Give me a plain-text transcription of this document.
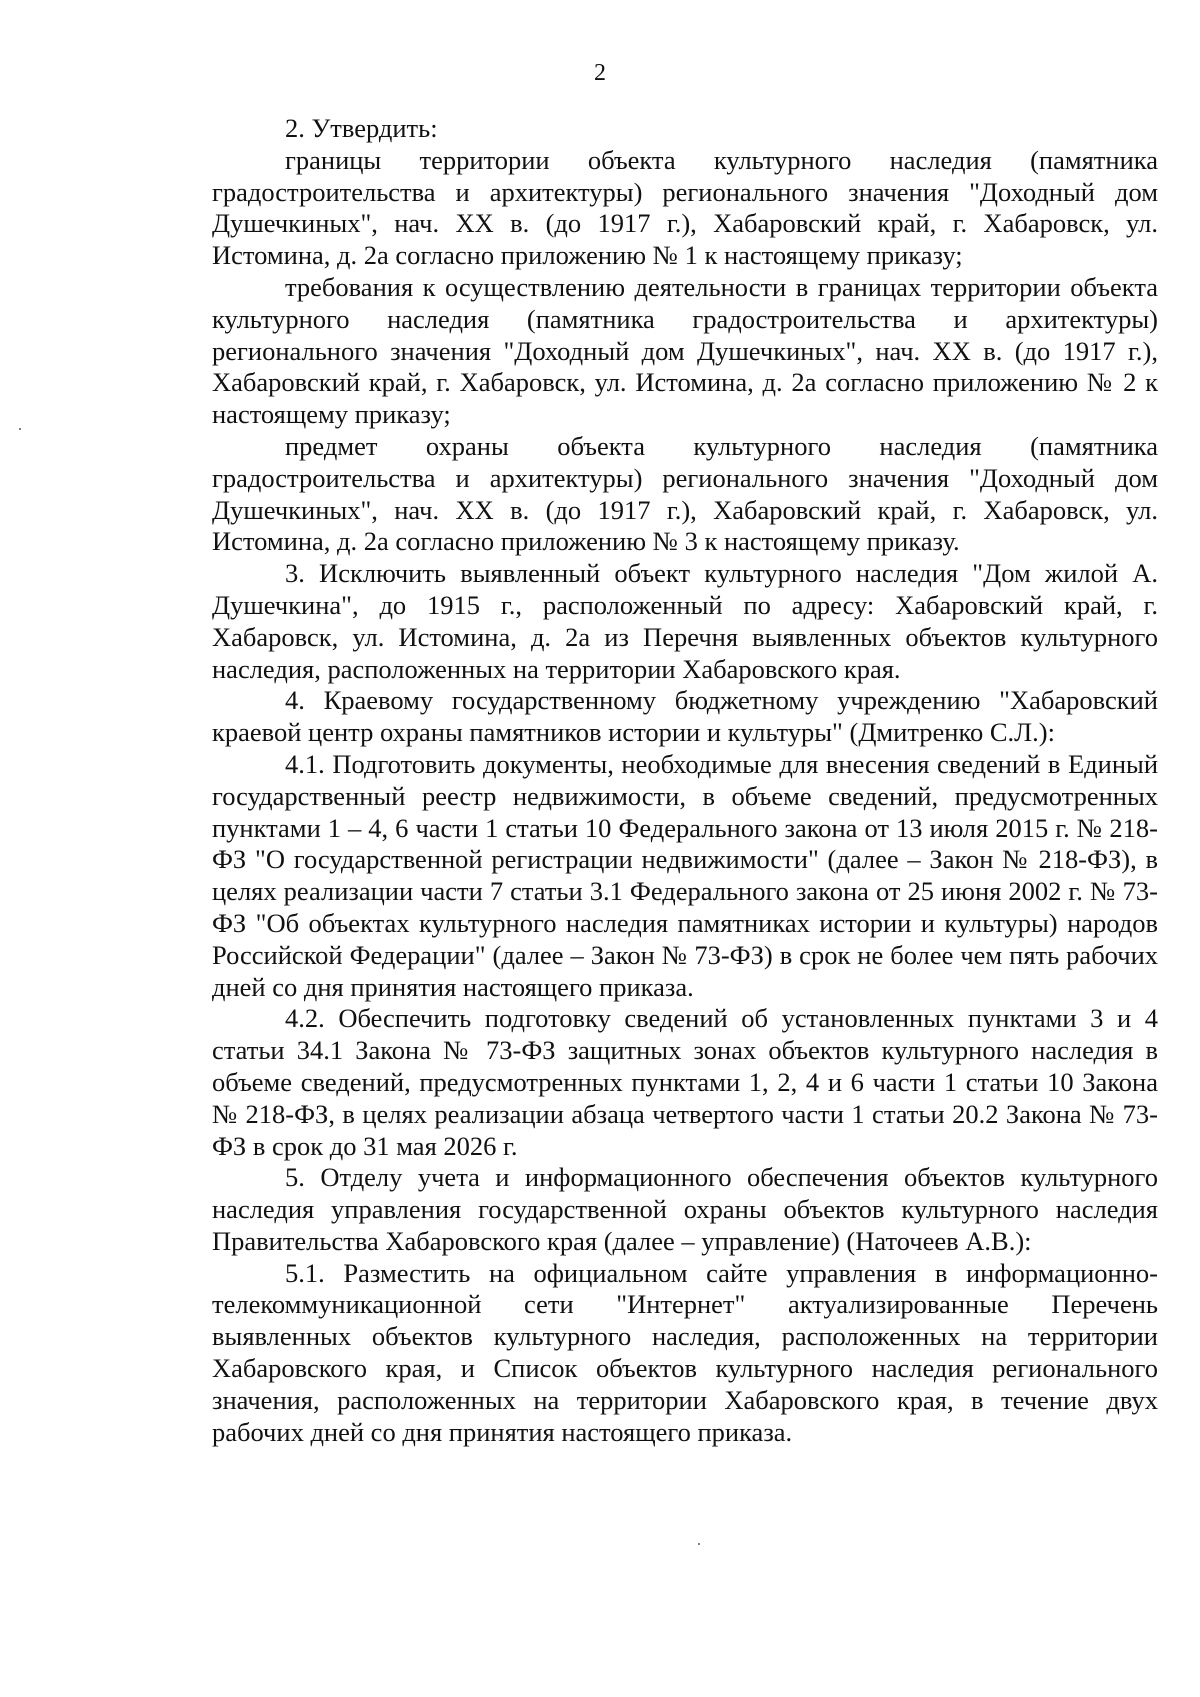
2

2. Утвердить:

границы территории объекта культурного наследия (памятника градостроительства и архитектуры) регионального значения "Доходный дом Душечкиных", нач. XX в. (до 1917 г.), Хабаровский край, г. Хабаровск, ул. Истомина, д. 2а согласно приложению № 1 к настоящему приказу;

требования к осуществлению деятельности в границах территории объекта культурного наследия (памятника градостроительства и архитектуры) регионального значения "Доходный дом Душечкиных", нач. XX в. (до 1917 г.), Хабаровский край, г. Хабаровск, ул. Истомина, д. 2а согласно приложению № 2 к настоящему приказу;

предмет охраны объекта культурного наследия (памятника градостроительства и архитектуры) регионального значения "Доходный дом Душечкиных", нач. XX в. (до 1917 г.), Хабаровский край, г. Хабаровск, ул. Истомина, д. 2а согласно приложению № 3 к настоящему приказу.

3. Исключить выявленный объект культурного наследия "Дом жилой А. Душечкина", до 1915 г., расположенный по адресу: Хабаровский край, г. Хабаровск, ул. Истомина, д. 2а из Перечня выявленных объектов культурного наследия, расположенных на территории Хабаровского края.

4. Краевому государственному бюджетному учреждению "Хабаровский краевой центр охраны памятников истории и культуры" (Дмитренко С.Л.):

4.1. Подготовить документы, необходимые для внесения сведений в Единый государственный реестр недвижимости, в объеме сведений, предусмотренных пунктами 1 – 4, 6 части 1 статьи 10 Федерального закона от 13 июля 2015 г. № 218-ФЗ "О государственной регистрации недвижимости" (далее – Закон № 218-ФЗ), в целях реализации части 7 статьи 3.1 Федерального закона от 25 июня 2002 г. № 73-ФЗ "Об объектах культурного наследия памятниках истории и культуры) народов Российской Федерации" (далее – Закон № 73-ФЗ) в срок не более чем пять рабочих дней со дня принятия настоящего приказа.

4.2. Обеспечить подготовку сведений об установленных пунктами 3 и 4 статьи 34.1 Закона № 73-ФЗ защитных зонах объектов культурного наследия в объеме сведений, предусмотренных пунктами 1, 2, 4 и 6 части 1 статьи 10 Закона № 218-ФЗ, в целях реализации абзаца четвертого части 1 статьи 20.2 Закона № 73-ФЗ в срок до 31 мая 2026 г.

5. Отделу учета и информационного обеспечения объектов культурного наследия управления государственной охраны объектов культурного наследия Правительства Хабаровского края (далее – управление) (Наточеев А.В.):

5.1. Разместить на официальном сайте управления в информационно-телекоммуникационной сети "Интернет" актуализированные Перечень выявленных объектов культурного наследия, расположенных на территории Хабаровского края, и Список объектов культурного наследия регионального значения, расположенных на территории Хабаровского края, в течение двух рабочих дней со дня принятия настоящего приказа.
